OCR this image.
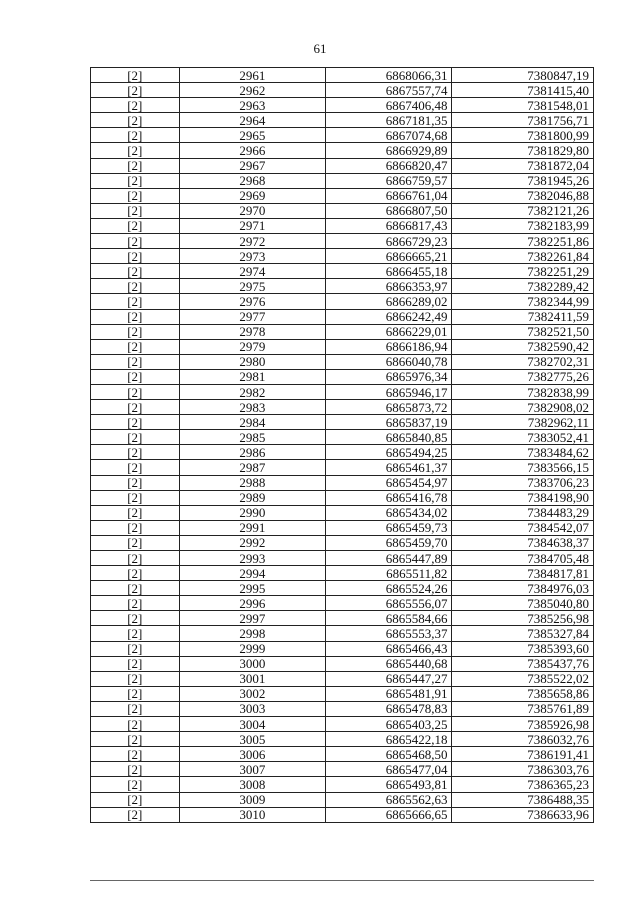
61
[2]	2961	6868066,31	7380847,19
[2]	2962	6867557,74	7381415,40
[2]	2963	6867406,48	7381548,01
[2]	2964	6867181,35	7381756,71
[2]	2965	6867074,68	7381800,99
[2]	2966	6866929,89	7381829,80
[2]	2967	6866820,47	7381872,04
[2]	2968	6866759,57	7381945,26
[2]	2969	6866761,04	7382046,88
[2]	2970	6866807,50	7382121,26
[2]	2971	6866817,43	7382183,99
[2]	2972	6866729,23	7382251,86
[2]	2973	6866665,21	7382261,84
[2]	2974	6866455,18	7382251,29
[2]	2975	6866353,97	7382289,42
[2]	2976	6866289,02	7382344,99
[2]	2977	6866242,49	7382411,59
[2]	2978	6866229,01	7382521,50
[2]	2979	6866186,94	7382590,42
[2]	2980	6866040,78	7382702,31
[2]	2981	6865976,34	7382775,26
[2]	2982	6865946,17	7382838,99
[2]	2983	6865873,72	7382908,02
[2]	2984	6865837,19	7382962,11
[2]	2985	6865840,85	7383052,41
[2]	2986	6865494,25	7383484,62
[2]	2987	6865461,37	7383566,15
[2]	2988	6865454,97	7383706,23
[2]	2989	6865416,78	7384198,90
[2]	2990	6865434,02	7384483,29
[2]	2991	6865459,73	7384542,07
[2]	2992	6865459,70	7384638,37
[2]	2993	6865447,89	7384705,48
[2]	2994	6865511,82	7384817,81
[2]	2995	6865524,26	7384976,03
[2]	2996	6865556,07	7385040,80
[2]	2997	6865584,66	7385256,98
[2]	2998	6865553,37	7385327,84
[2]	2999	6865466,43	7385393,60
[2]	3000	6865440,68	7385437,76
[2]	3001	6865447,27	7385522,02
[2]	3002	6865481,91	7385658,86
[2]	3003	6865478,83	7385761,89
[2]	3004	6865403,25	7385926,98
[2]	3005	6865422,18	7386032,76
[2]	3006	6865468,50	7386191,41
[2]	3007	6865477,04	7386303,76
[2]	3008	6865493,81	7386365,23
[2]	3009	6865562,63	7386488,35
[2]	3010	6865666,65	7386633,96
